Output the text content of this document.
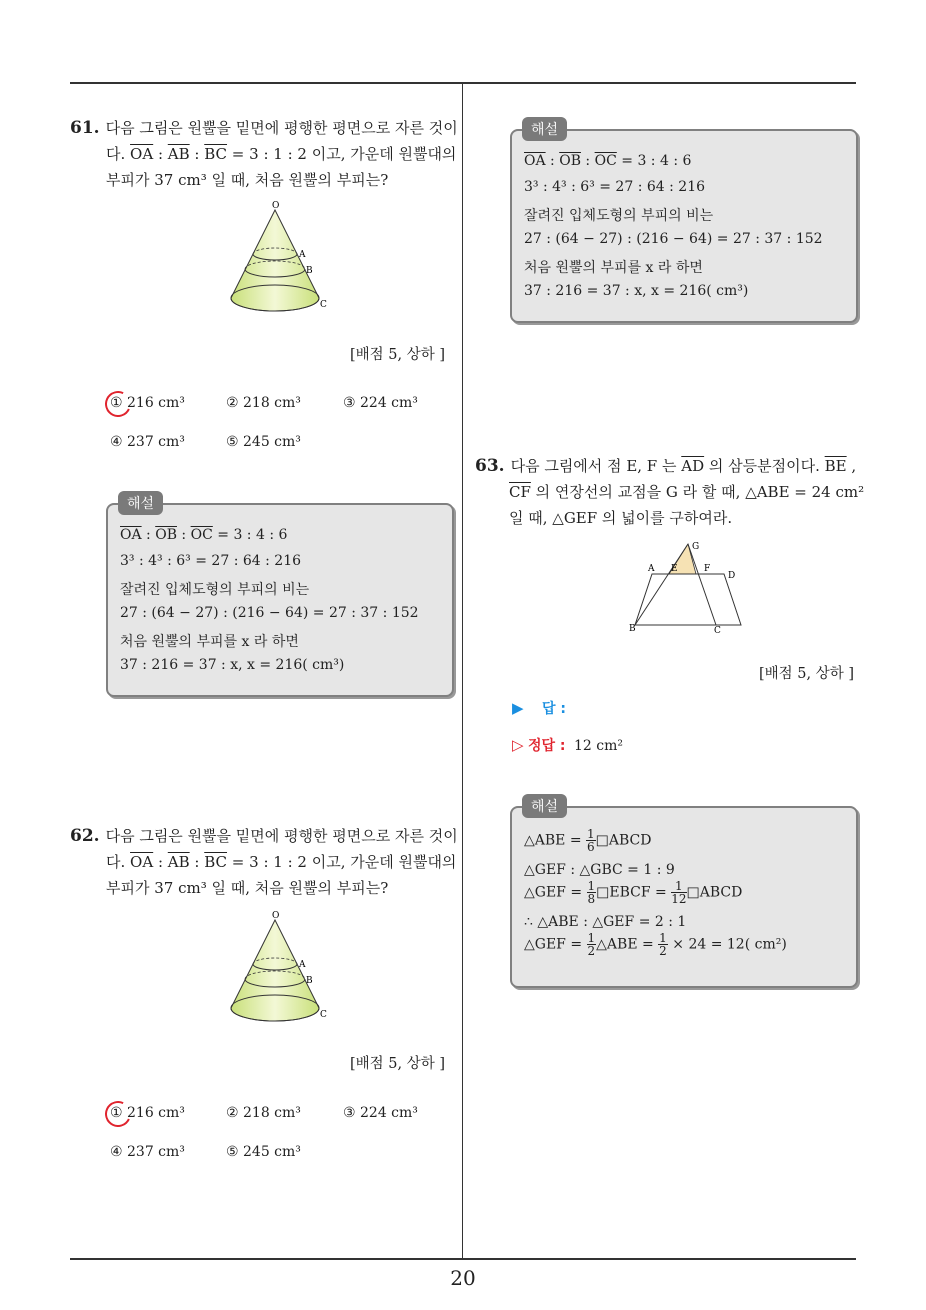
61. 다음 그림은 원뿔을 밑면에 평행한 평면으로 자른 것이
다. $\overline{OA}$ : $\overline{AB}$ : $\overline{BC} = 3$ : 1 : 2 이고, 가운데 원뿔대의
부피가 37 cm³ 일 때, 처음 원뿔의 부피는?
O
A
B
C
[배점 5, 상하 ]
① 216 cm³	② 218 cm³	③ 224 cm³
④ 237 cm³	⑤ 245 cm³
해설
$\overline{OA}$ : $\overline{OB}$ : $\overline{OC} = 3$ : 4 : 6
3³ : 4³ : 6³ = 27 : 64 : 216
잘려진 입체도형의 부피의 비는
27 : (64 − 27) : (216 − 64) = 27 : 37 : 152
처음 원뿔의 부피를 x 라 하면
37 : 216 = 37 : x, x = 216( cm³)
62. 다음 그림은 원뿔을 밑면에 평행한 평면으로 자른 것이
다. $\overline{OA}$ : $\overline{AB}$ : $\overline{BC} = 3$ : 1 : 2 이고, 가운데 원뿔대의
부피가 37 cm³ 일 때, 처음 원뿔의 부피는?
O
A
B
C
[배점 5, 상하 ]
① 216 cm³	② 218 cm³	③ 224 cm³
④ 237 cm³	⑤ 245 cm³
해설
$\overline{OA}$ : $\overline{OB}$ : $\overline{OC} = 3$ : 4 : 6
3³ : 4³ : 6³ = 27 : 64 : 216
잘려진 입체도형의 부피의 비는
27 : (64 − 27) : (216 − 64) = 27 : 37 : 152
처음 원뿔의 부피를 x 라 하면
37 : 216 = 37 : x, x = 216( cm³)
63. 다음 그림에서 점 E, F 는 $\overline{AD}$ 의 삼등분점이다. $\overline{BE}$ ,
$\overline{CF}$ 의 연장선의 교점을 G 라 할 때, △ABE = 24 cm²
일 때, △GEF 의 넓이를 구하여라.
G
A E	F
D
B	C
[배점 5, 상하 ]
▶ 답 :
▷ 정답 : 12 cm²
해설
△ABE = $\frac{1}{6}$ □ABCD
△GEF : △GBC = 1 : 9
△GEF = $\frac{1}{8}$ □EBCF = $\frac{1}{12}$ □ABCD
∴ △ABE : △GEF = 2 : 1
△GEF = $\frac{1}{2}$ △ABE = $\frac{1}{2} \times 24 = 12$( cm²)
20
